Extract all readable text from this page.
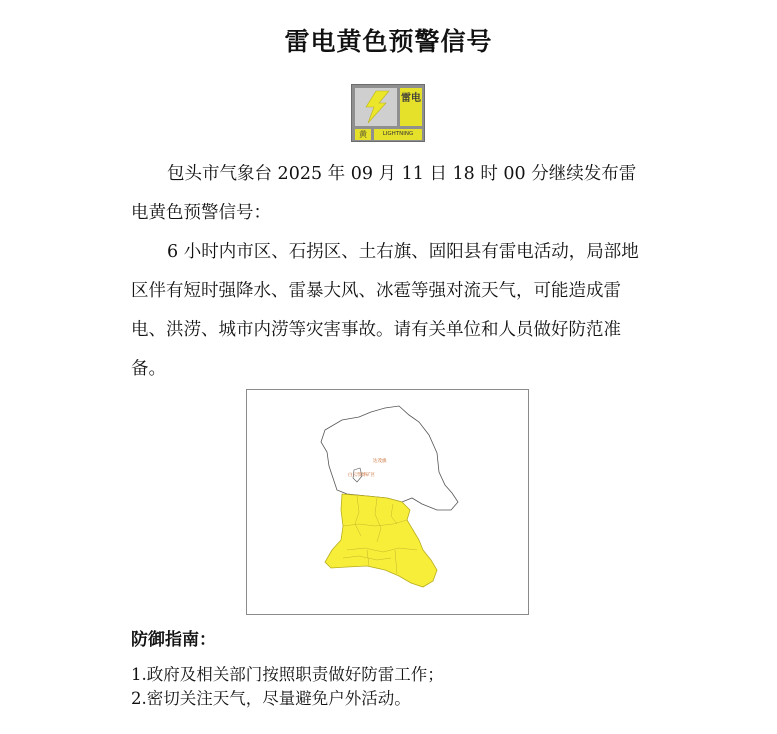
雷电黄色预警信号
雷电
黄	LIGHTNING
包头市气象台 2025 年 09 月 11 日 18 时 00 分继续发布雷电黄色预警信号：
6 小时内市区、石拐区、土右旗、固阳县有雷电活动，局部地区伴有短时强降水、雷暴大风、冰雹等强对流天气，可能造成雷电、洪涝、城市内涝等灾害事故。请有关单位和人员做好防范准备。
达茂旗
白云鄂博矿区
防御指南：
1.政府及相关部门按照职责做好防雷工作；
2.密切关注天气，尽量避免户外活动。
